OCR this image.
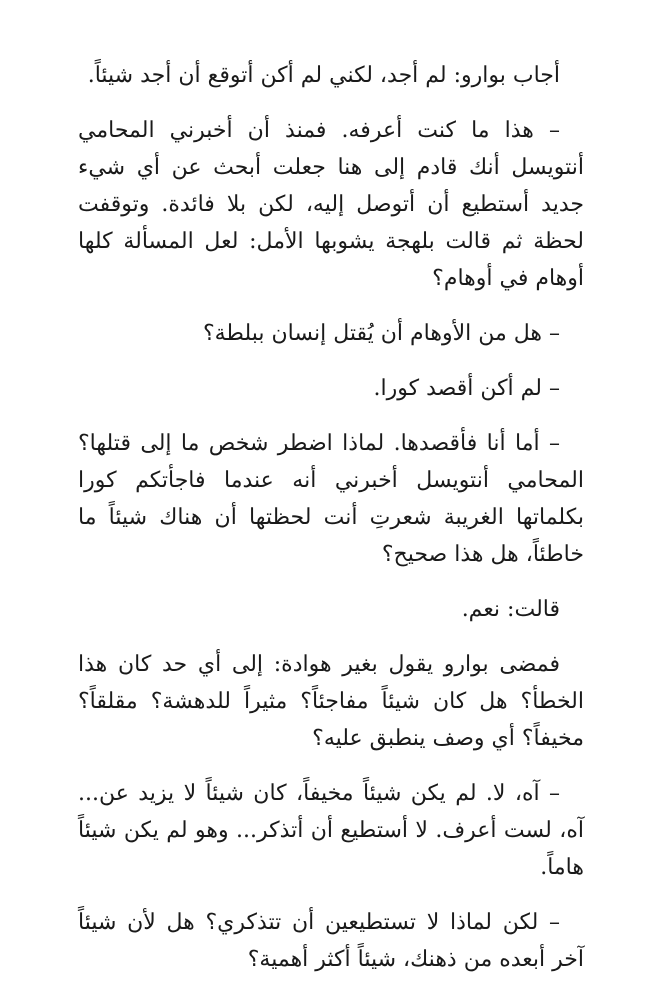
أجاب بوارو: لم أجد، لكني لم أكن أتوقع أن أجد شيئاً.

– هذا ما كنت أعرفه. فمنذ أن أخبرني المحامي أنتويسل أنك قادم إلى هنا جعلت أبحث عن أي شيء جديد أستطيع أن أتوصل إليه، لكن بلا فائدة. وتوقفت لحظة ثم قالت بلهجة يشوبها الأمل: لعل المسألة كلها أوهام في أوهام؟

– هل من الأوهام أن يُقتل إنسان ببلطة؟

– لم أكن أقصد كورا.

– أما أنا فأقصدها. لماذا اضطر شخص ما إلى قتلها؟ المحامي أنتويسل أخبرني أنه عندما فاجأتكم كورا بكلماتها الغريبة شعرتِ أنت لحظتها أن هناك شيئاً ما خاطئاً، هل هذا صحيح؟

قالت: نعم.

فمضى بوارو يقول بغير هوادة: إلى أي حد كان هذا الخطأ؟ هل كان شيئاً مفاجئاً؟ مثيراً للدهشة؟ مقلقاً؟ مخيفاً؟ أي وصف ينطبق عليه؟

– آه، لا. لم يكن شيئاً مخيفاً، كان شيئاً لا يزيد عن... آه، لست أعرف. لا أستطيع أن أتذكر... وهو لم يكن شيئاً هاماً.

– لكن لماذا لا تستطيعين أن تتذكري؟ هل لأن شيئاً آخر أبعده من ذهنك، شيئاً أكثر أهمية؟
